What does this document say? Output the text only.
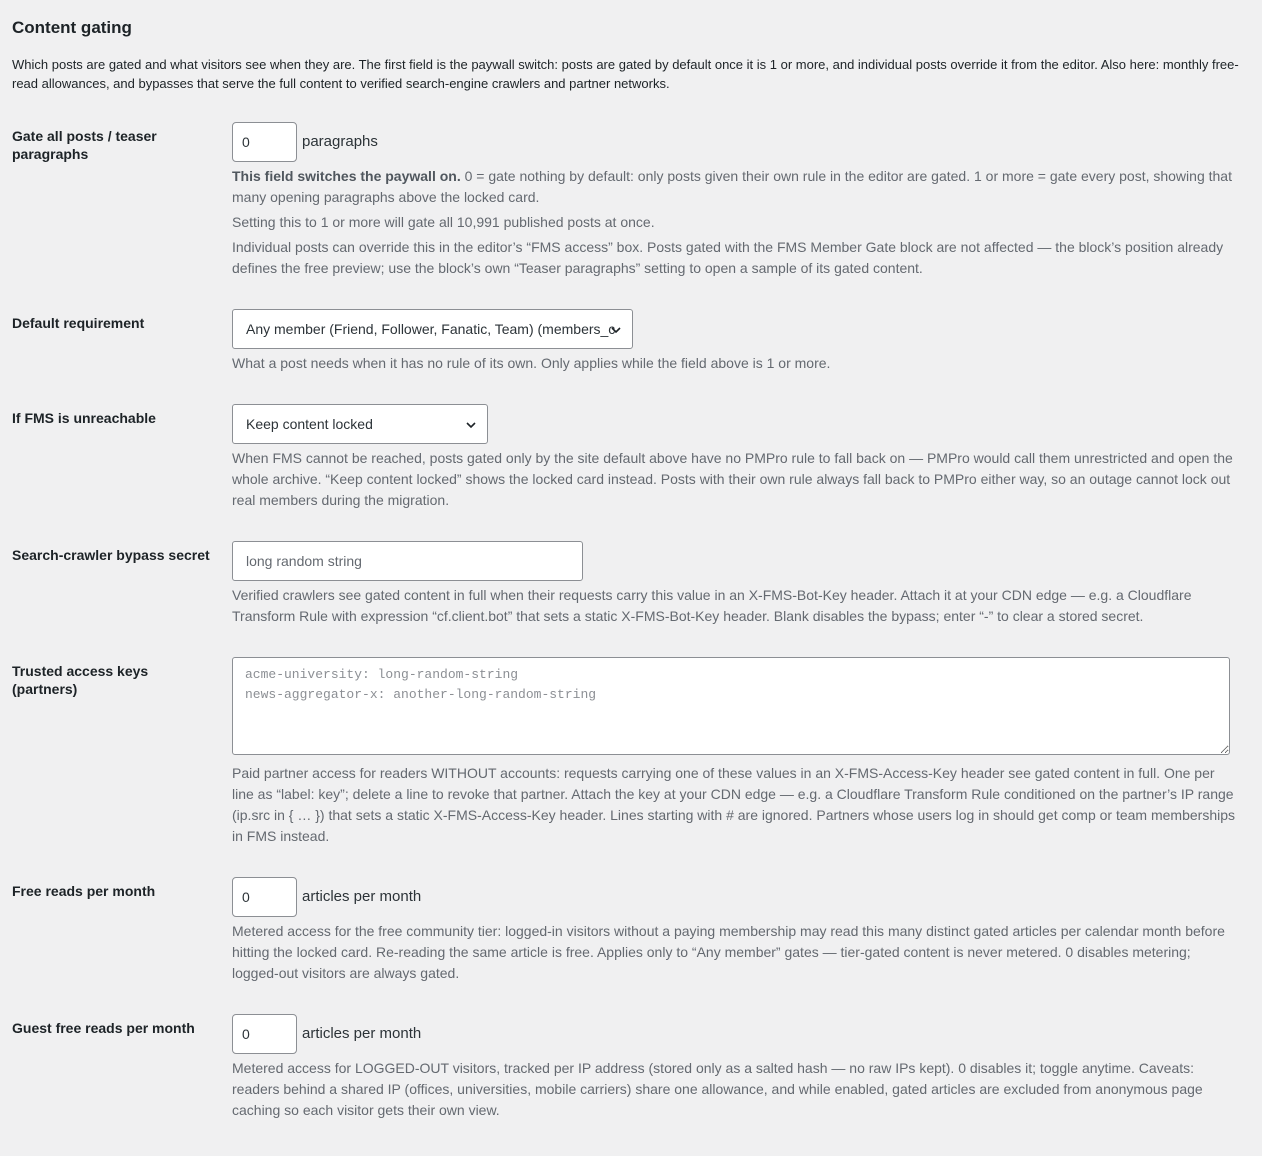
Content gating

Which posts are gated and what visitors see when they are. The first field is the paywall switch: posts are gated by default once it is 1 or more, and individual posts override it from the editor. Also here: monthly free-read allowances, and bypasses that serve the full content to verified search-engine crawlers and partner networks.

Gate all posts / teaser paragraphs
0
paragraphs

This field switches the paywall on. 0 = gate nothing by default: only posts given their own rule in the editor are gated. 1 or more = gate every post, showing that many opening paragraphs above the locked card.

Setting this to 1 or more will gate all 10,991 published posts at once.

Individual posts can override this in the editor’s “FMS access” box. Posts gated with the FMS Member Gate block are not affected — the block’s position already defines the free preview; use the block’s own “Teaser paragraphs” setting to open a sample of its gated content.

Default requirement	Any member (Friend, Follower, Fanatic, Team) (members_c

What a post needs when it has no rule of its own. Only applies while the field above is 1 or more.

If FMS is unreachable	Keep content locked

When FMS cannot be reached, posts gated only by the site default above have no PMPro rule to fall back on — PMPro would call them unrestricted and open the whole archive. “Keep content locked” shows the locked card instead. Posts with their own rule always fall back to PMPro either way, so an outage cannot lock out real members during the migration.

Search-crawler bypass secret
long random string

Verified crawlers see gated content in full when their requests carry this value in an X-FMS-Bot-Key header. Attach it at your CDN edge — e.g. a Cloudflare Transform Rule with expression “cf.client.bot” that sets a static X-FMS-Bot-Key header. Blank disables the bypass; enter “-” to clear a stored secret.

Trusted access keys (partners)
acme-university: long-random-string news-aggregator-x: another-long-random-string

Paid partner access for readers WITHOUT accounts: requests carrying one of these values in an X-FMS-Access-Key header see gated content in full. One per line as “label: key”; delete a line to revoke that partner. Attach the key at your CDN edge — e.g. a Cloudflare Transform Rule conditioned on the partner’s IP range (ip.src in { … }) that sets a static X-FMS-Access-Key header. Lines starting with # are ignored. Partners whose users log in should get comp or team memberships in FMS instead.

Free reads per month
0	articles per month

Metered access for the free community tier: logged-in visitors without a paying membership may read this many distinct gated articles per calendar month before hitting the locked card. Re-reading the same article is free. Applies only to “Any member” gates — tier-gated content is never metered. 0 disables metering; logged-out visitors are always gated.

Guest free reads per month
0	articles per month

Metered access for LOGGED-OUT visitors, tracked per IP address (stored only as a salted hash — no raw IPs kept). 0 disables it; toggle anytime. Caveats: readers behind a shared IP (offices, universities, mobile carriers) share one allowance, and while enabled, gated articles are excluded from anonymous page caching so each visitor gets their own view.
